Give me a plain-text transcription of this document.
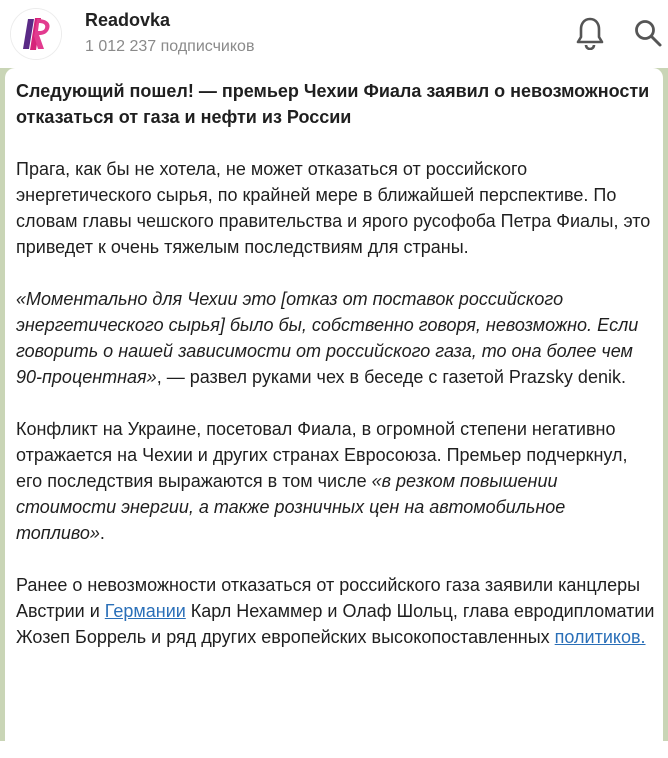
Readovka
1 012 237 подписчиков

Следующий пошел! — премьер Чехии Фиала заявил о невозможности отказаться от газа и нефти из России

Прага, как бы не хотела, не может отказаться от российского энергетического сырья, по крайней мере в ближайшей перспективе. По словам главы чешского правительства и ярого русофоба Петра Фиалы, это приведет к очень тяжелым последствиям для страны.

«Моментально для Чехии это [отказ от поставок российского энергетического сырья] было бы, собственно говоря, невозможно. Если говорить о нашей зависимости от российского газа, то она более чем 90-процентная», — развел руками чех в беседе с газетой Prazsky denik.

Конфликт на Украине, посетовал Фиала, в огромной степени негативно отражается на Чехии и других странах Евросоюза. Премьер подчеркнул, его последствия выражаются в том числе «в резком повышении стоимости энергии, а также розничных цен на автомобильное топливо».

Ранее о невозможности отказаться от российского газа заявили канцлеры Австрии и Германии Карл Нехаммер и Олаф Шольц, глава евродипломатии Жозеп Боррель и ряд других европейских высокопоставленных политиков.
